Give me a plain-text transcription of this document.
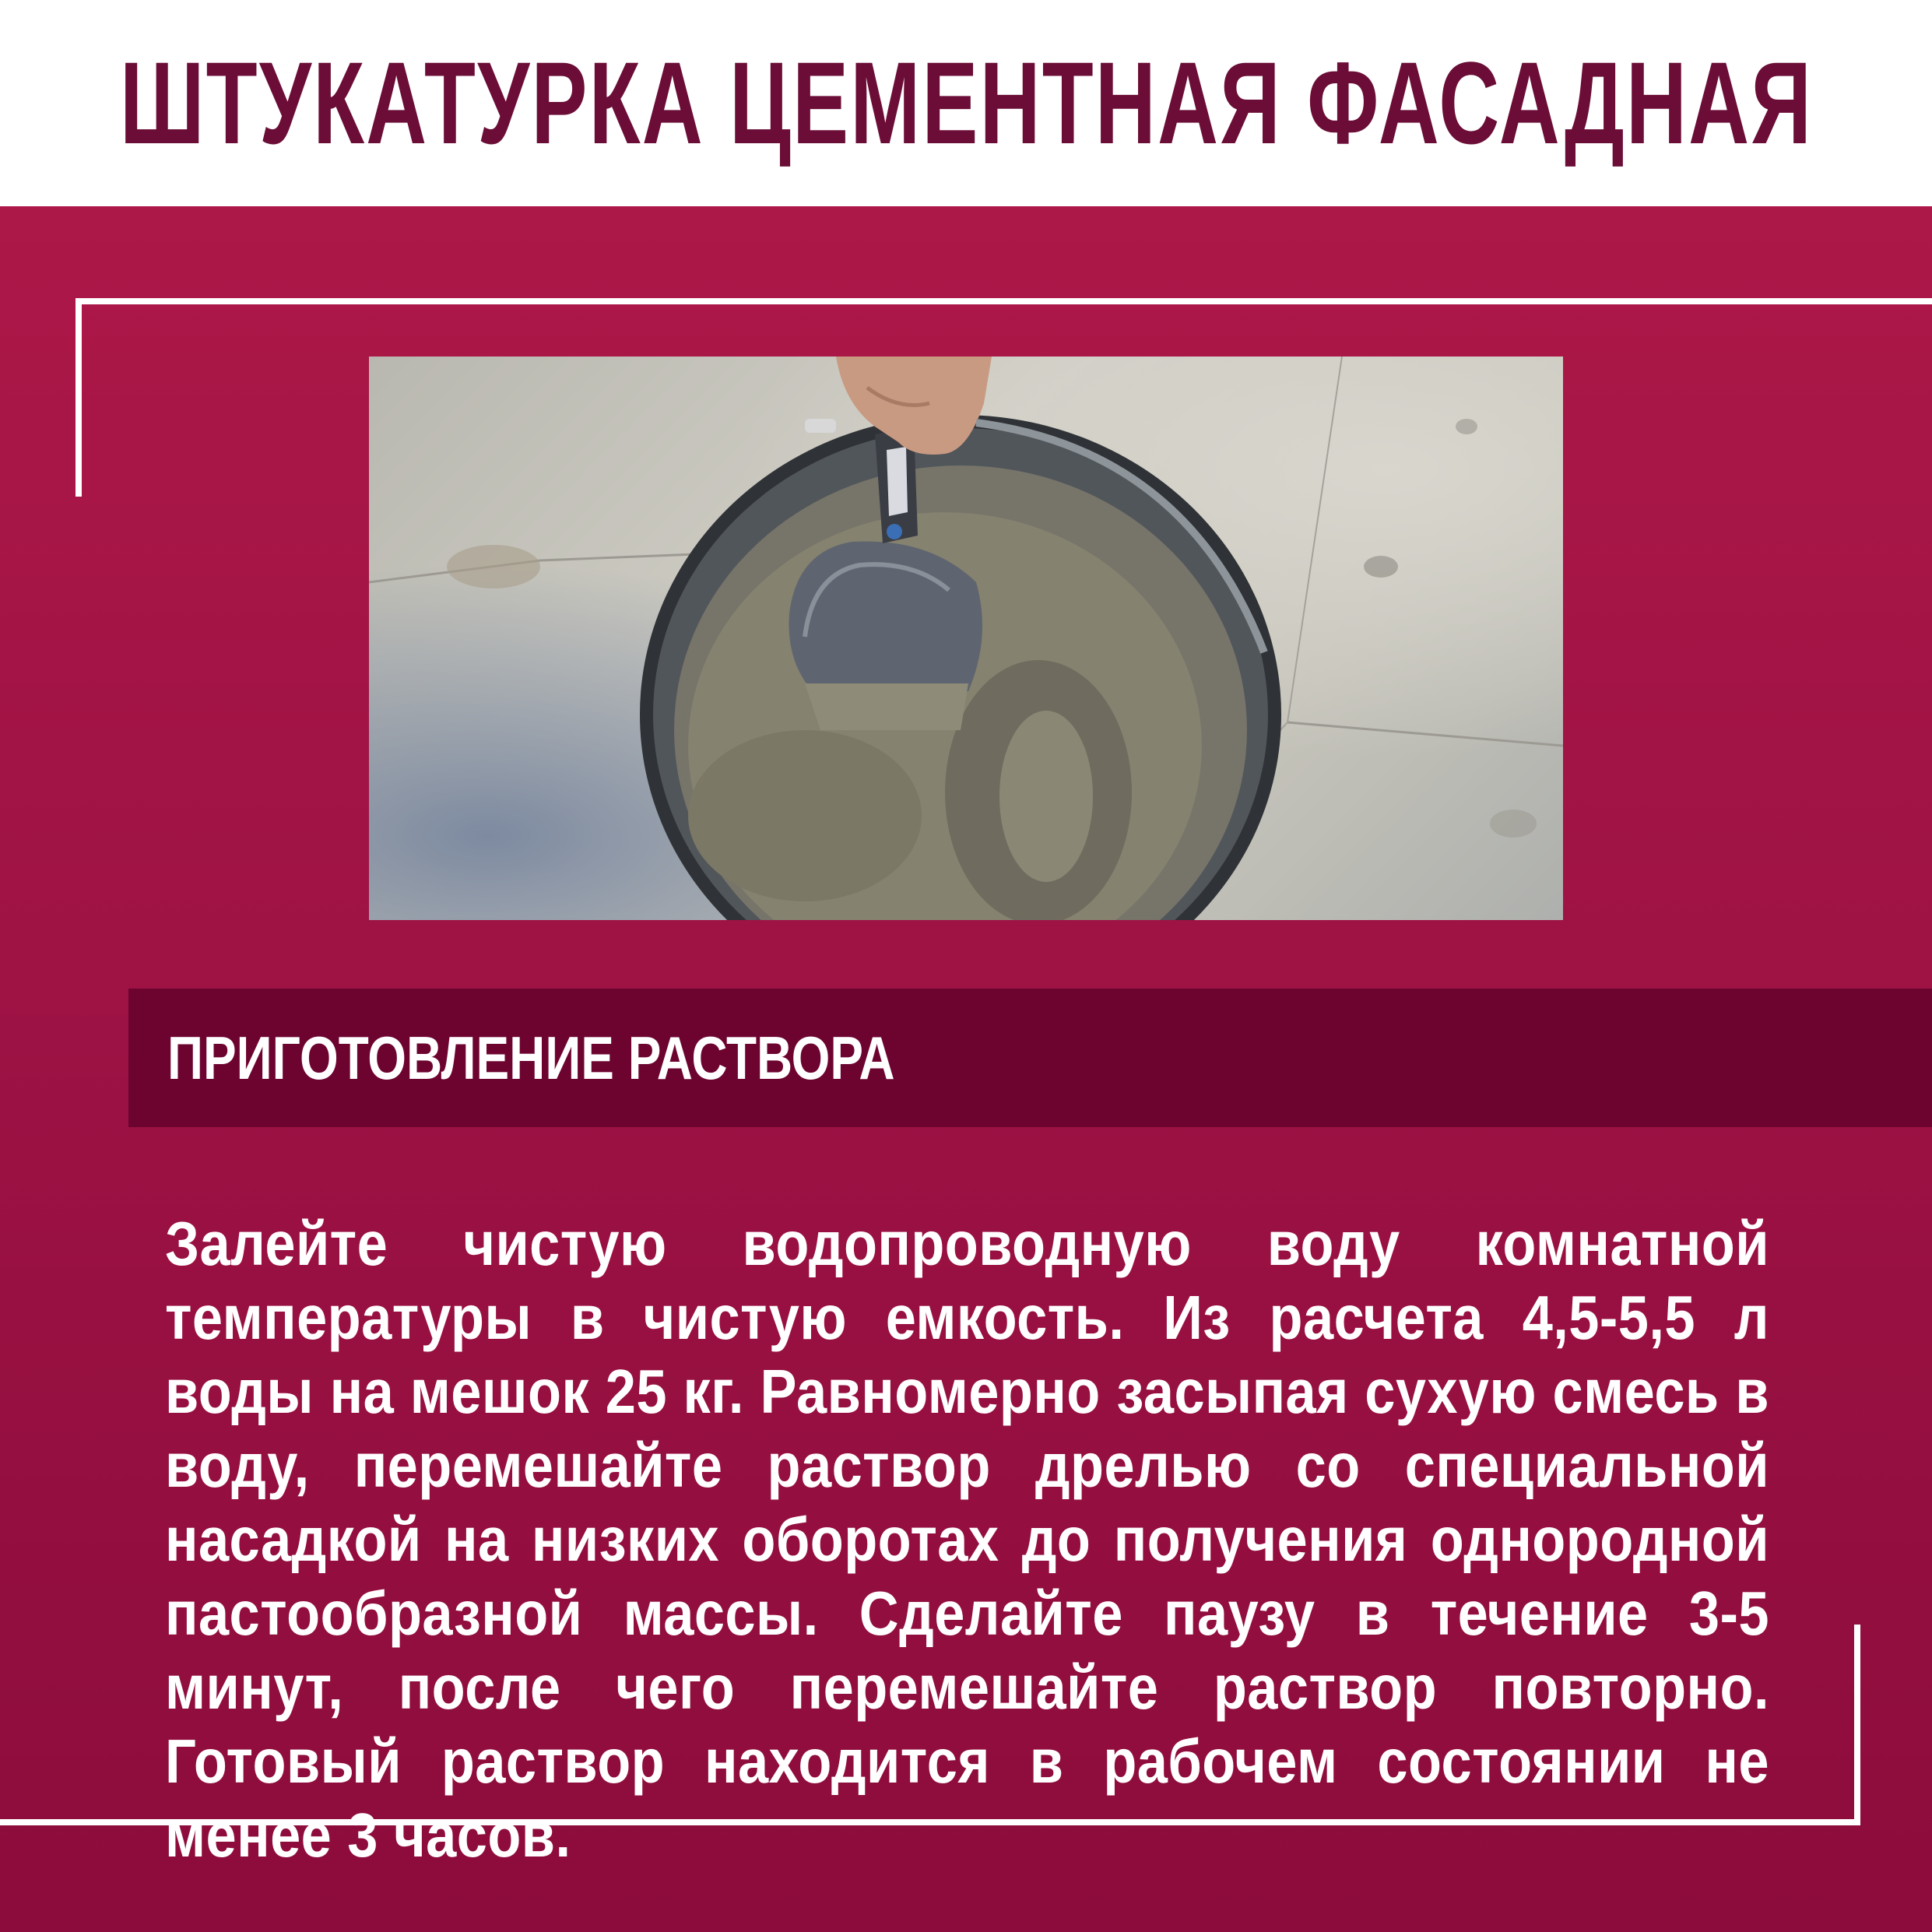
ШТУКАТУРКА ЦЕМЕНТНАЯ ФАСАДНАЯ
ПРИГОТОВЛЕНИЕ РАСТВОРА
Залейте чистую водопроводную воду комнатной температуры в чистую емкость. Из расчета 4,5-5,5 л воды на мешок 25 кг. Равномерно засыпая сухую смесь в воду, перемешайте раствор дрелью со специальной насадкой на низких оборотах до получения однородной пастообразной массы. Сделайте паузу в течение 3-5 минут, после чего перемешайте раствор повторно. Готовый раствор находится в рабочем состоянии не менее 3 часов.
